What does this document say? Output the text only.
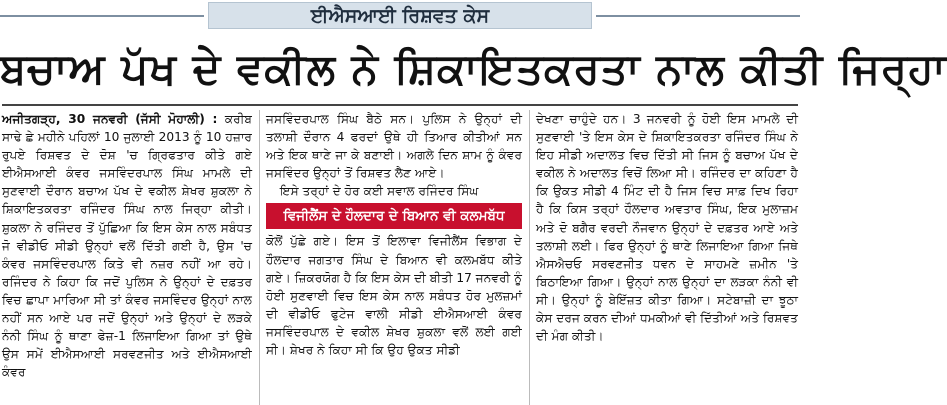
ਈਐਸਆਈ ਰਿਸ਼ਵਤ ਕੇਸ
ਬਚਾਅ ਪੱਖ ਦੇ ਵਕੀਲ ਨੇ ਸ਼ਿਕਾਇਤਕਰਤਾ ਨਾਲ ਕੀਤੀ ਜਿਰ੍ਹਾ

ਅਜੀਤਗੜ੍ਹ, 30 ਜਨਵਰੀ (ਜੱਸੀ ਮੋਹਾਲੀ) : ਕਰੀਬ ਸਾਢੇ ਛੇ ਮਹੀਨੇ ਪਹਿਲਾਂ 10 ਜੁਲਾਈ 2013 ਨੂੰ 10 ਹਜ਼ਾਰ ਰੁਪਏ ਰਿਸ਼ਵਤ ਦੇ ਦੋਸ਼ 'ਚ ਗ੍ਰਿਫਤਾਰ ਕੀਤੇ ਗਏ ਈਐਸਆਈ ਕੰਵਰ ਜਸਵਿੰਦਰਪਾਲ ਸਿੰਘ ਮਾਮਲੇ ਦੀ ਸੁਣਵਾਈ ਦੌਰਾਨ ਬਚਾਅ ਪੱਖ ਦੇ ਵਕੀਲ ਸ਼ੇਖਰ ਸ਼ੁਕਲਾ ਨੇ ਸ਼ਿਕਾਇਤਕਰਤਾ ਰਜਿੰਦਰ ਸਿੰਘ ਨਾਲ ਜਿਰ੍ਹਾ ਕੀਤੀ। ਸ਼ੁਕਲਾ ਨੇ ਰਜਿੰਦਰ ਤੋਂ ਪੁੱਛਿਆ ਕਿ ਇਸ ਕੇਸ ਨਾਲ ਸਬੰਧਤ ਜੋ ਵੀਡੀਓ ਸੀਡੀ ਉਨ੍ਹਾਂ ਵਲੋਂ ਦਿੱਤੀ ਗਈ ਹੈ, ਉਸ 'ਚ ਕੰਵਰ ਜਸਵਿੰਦਰਪਾਲ ਕਿਤੇ ਵੀ ਨਜ਼ਰ ਨਹੀਂ ਆ ਰਹੇ। ਰਜਿੰਦਰ ਨੇ ਕਿਹਾ ਕਿ ਜਦੋਂ ਪੁਲਿਸ ਨੇ ਉਨ੍ਹਾਂ ਦੇ ਦਫ਼ਤਰ ਵਿਚ ਛਾਪਾ ਮਾਰਿਆ ਸੀ ਤਾਂ ਕੰਵਰ ਜਸਵਿੰਦਰ ਉਨ੍ਹਾਂ ਨਾਲ ਨਹੀਂ ਸਨ ਆਏ ਪਰ ਜਦੋਂ ਉਨ੍ਹਾਂ ਅਤੇ ਉਨ੍ਹਾਂ ਦੇ ਲੜਕੇ ਨੰਨੀ ਸਿੰਘ ਨੂੰ ਥਾਣਾ ਫੇਜ਼-1 ਲਿਜਾਇਆ ਗਿਆ ਤਾਂ ਉਥੇ ਉਸ ਸਮੇਂ ਈਐਸਆਈ ਸਰਵਣਜੀਤ ਅਤੇ ਈਐਸਆਈ ਕੰਵਰ

ਜਸਵਿੰਦਰਪਾਲ ਸਿੰਘ ਬੈਠੇ ਸਨ। ਪੁਲਿਸ ਨੇ ਉਨ੍ਹਾਂ ਦੀ ਤਲਾਸ਼ੀ ਦੌਰਾਨ 4 ਫਰਦਾਂ ਉਥੇ ਹੀ ਤਿਆਰ ਕੀਤੀਆਂ ਸਨ ਅਤੇ ਇਕ ਥਾਣੇ ਜਾ ਕੇ ਬਣਾਈ। ਅਗਲੇ ਦਿਨ ਸ਼ਾਮ ਨੂੰ ਕੰਵਰ ਜਸਵਿੰਦਰ ਉਨ੍ਹਾਂ ਤੋਂ ਰਿਸ਼ਵਤ ਲੈਣ ਆਏ।

ਇਸੇ ਤਰ੍ਹਾਂ ਦੇ ਹੋਰ ਕਈ ਸਵਾਲ ਰਜਿੰਦਰ ਸਿੰਘ

ਵਿਜੀਲੈਂਸ ਦੇ ਹੌਲਦਾਰ ਦੇ ਬਿਆਨ ਵੀ ਕਲਮਬੱਧ

ਕੋਲੋਂ ਪੁੱਛੇ ਗਏ। ਇਸ ਤੋਂ ਇਲਾਵਾ ਵਿਜੀਲੈਂਸ ਵਿਭਾਗ ਦੇ ਹੌਲਦਾਰ ਜਗਤਾਰ ਸਿੰਘ ਦੇ ਬਿਆਨ ਵੀ ਕਲਮਬੱਧ ਕੀਤੇ ਗਏ। ਜ਼ਿਕਰਯੋਗ ਹੈ ਕਿ ਇਸ ਕੇਸ ਦੀ ਬੀਤੀ 17 ਜਨਵਰੀ ਨੂੰ ਹੋਈ ਸੁਣਵਾਈ ਵਿਚ ਇਸ ਕੇਸ ਨਾਲ ਸਬੰਧਤ ਹੋਰ ਮੁਲਜ਼ਮਾਂ ਦੀ ਵੀਡੀਓ ਫੁਟੇਜ ਵਾਲੀ ਸੀਡੀ ਈਐਸਆਈ ਕੰਵਰ ਜਸਵਿੰਦਰਪਾਲ ਦੇ ਵਕੀਲ ਸ਼ੇਖਰ ਸ਼ੁਕਲਾ ਵਲੋਂ ਲਈ ਗਈ ਸੀ। ਸ਼ੇਖਰ ਨੇ ਕਿਹਾ ਸੀ ਕਿ ਉਹ ਉਕਤ ਸੀਡੀ

ਦੇਖਣਾ ਚਾਹੁੰਦੇ ਹਨ। 3 ਜਨਵਰੀ ਨੂੰ ਹੋਈ ਇਸ ਮਾਮਲੇ ਦੀ ਸੁਣਵਾਈ 'ਤੇ ਇਸ ਕੇਸ ਦੇ ਸ਼ਿਕਾਇਤਕਰਤਾ ਰਜਿੰਦਰ ਸਿੰਘ ਨੇ ਇਹ ਸੀਡੀ ਅਦਾਲਤ ਵਿਚ ਦਿੱਤੀ ਸੀ ਜਿਸ ਨੂੰ ਬਚਾਅ ਪੱਖ ਦੇ ਵਕੀਲ ਨੇ ਅਦਾਲਤ ਵਿਚੋਂ ਲਿਆ ਸੀ। ਰਜਿੰਦਰ ਦਾ ਕਹਿਣਾ ਹੈ ਕਿ ਉਕਤ ਸੀਡੀ 4 ਮਿੰਟ ਦੀ ਹੈ ਜਿਸ ਵਿਚ ਸਾਫ਼ ਦਿਖ ਰਿਹਾ ਹੈ ਕਿ ਕਿਸ ਤਰ੍ਹਾਂ ਹੌਲਦਾਰ ਅਵਤਾਰ ਸਿੰਘ, ਇਕ ਮੁਲਾਜ਼ਮ ਅਤੇ ਦੋ ਬਗੈਰ ਵਰਦੀ ਨੌਜਵਾਨ ਉਨ੍ਹਾਂ ਦੇ ਦਫ਼ਤਰ ਆਏ ਅਤੇ ਤਲਾਸ਼ੀ ਲਈ। ਫਿਰ ਉਨ੍ਹਾਂ ਨੂੰ ਥਾਣੇ ਲਿਜਾਇਆ ਗਿਆ ਜਿਥੇ ਐਸਐਚਓ ਸਰਵਣਜੀਤ ਧਵਨ ਦੇ ਸਾਹਮਣੇ ਜ਼ਮੀਨ 'ਤੇ ਬਿਠਾਇਆ ਗਿਆ। ਉਨ੍ਹਾਂ ਨਾਲ ਉਨ੍ਹਾਂ ਦਾ ਲੜਕਾ ਨੰਨੀ ਵੀ ਸੀ। ਉਨ੍ਹਾਂ ਨੂੰ ਬੇਇੱਜ਼ਤ ਕੀਤਾ ਗਿਆ। ਸਟੇਬਾਜ਼ੀ ਦਾ ਝੂਠਾ ਕੇਸ ਦਰਜ ਕਰਨ ਦੀਆਂ ਧਮਕੀਆਂ ਵੀ ਦਿੱਤੀਆਂ ਅਤੇ ਰਿਸ਼ਵਤ ਦੀ ਮੰਗ ਕੀਤੀ।
